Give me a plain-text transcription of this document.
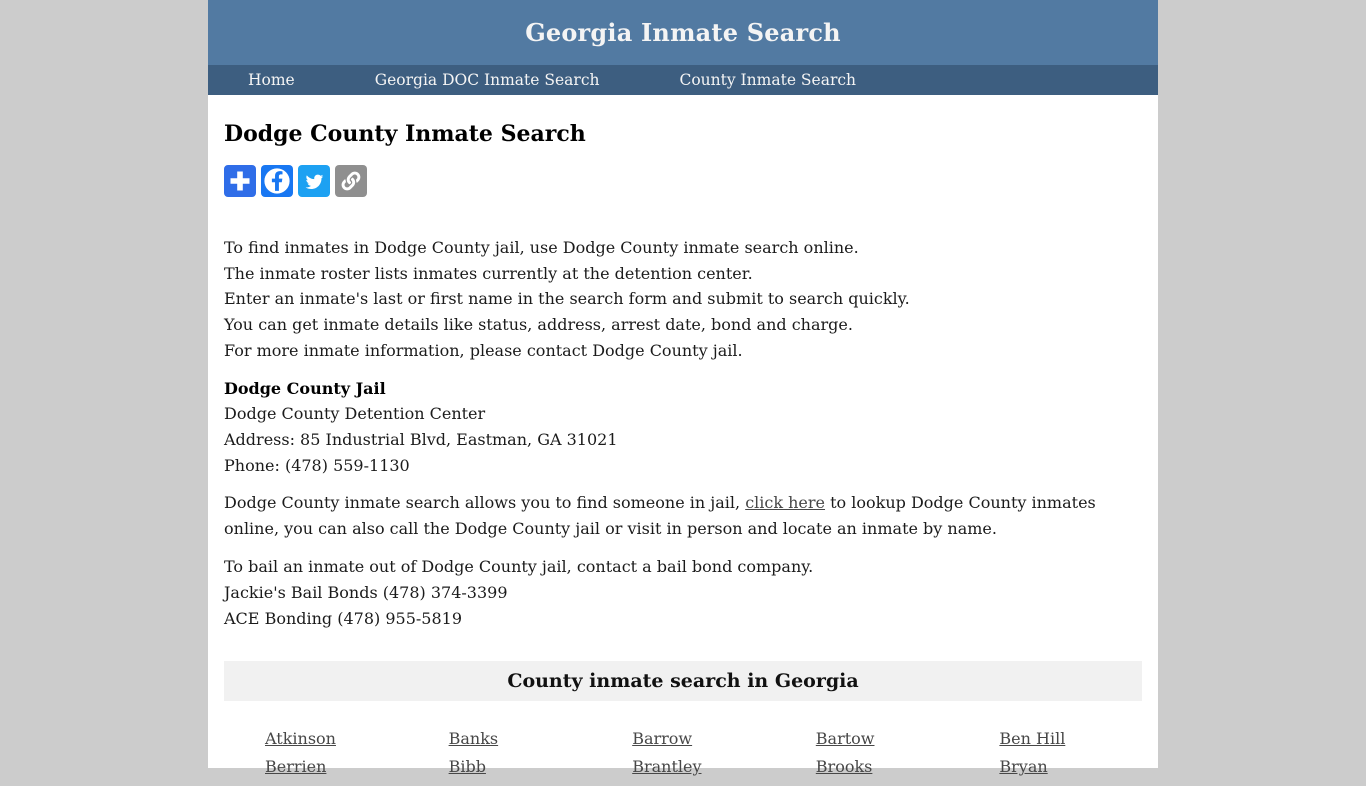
Georgia Inmate Search
Home	Georgia DOC Inmate Search	County Inmate Search
Dodge County Inmate Search
To find inmates in Dodge County jail, use Dodge County inmate search online.
The inmate roster lists inmates currently at the detention center.
Enter an inmate's last or first name in the search form and submit to search quickly.
You can get inmate details like status, address, arrest date, bond and charge.
For more inmate information, please contact Dodge County jail.
Dodge County Jail
Dodge County Detention Center
Address: 85 Industrial Blvd, Eastman, GA 31021
Phone: (478) 559-1130

Dodge County inmate search allows you to find someone in jail, click here to lookup Dodge County inmates online, you can also call the Dodge County jail or visit in person and locate an inmate by name.

To bail an inmate out of Dodge County jail, contact a bail bond company.
Jackie's Bail Bonds (478) 374-3399
ACE Bonding (478) 955-5819
County inmate search in Georgia
Atkinson	Banks	Barrow	Bartow	Ben Hill
Berrien	Bibb	Brantley	Brooks	Bryan
